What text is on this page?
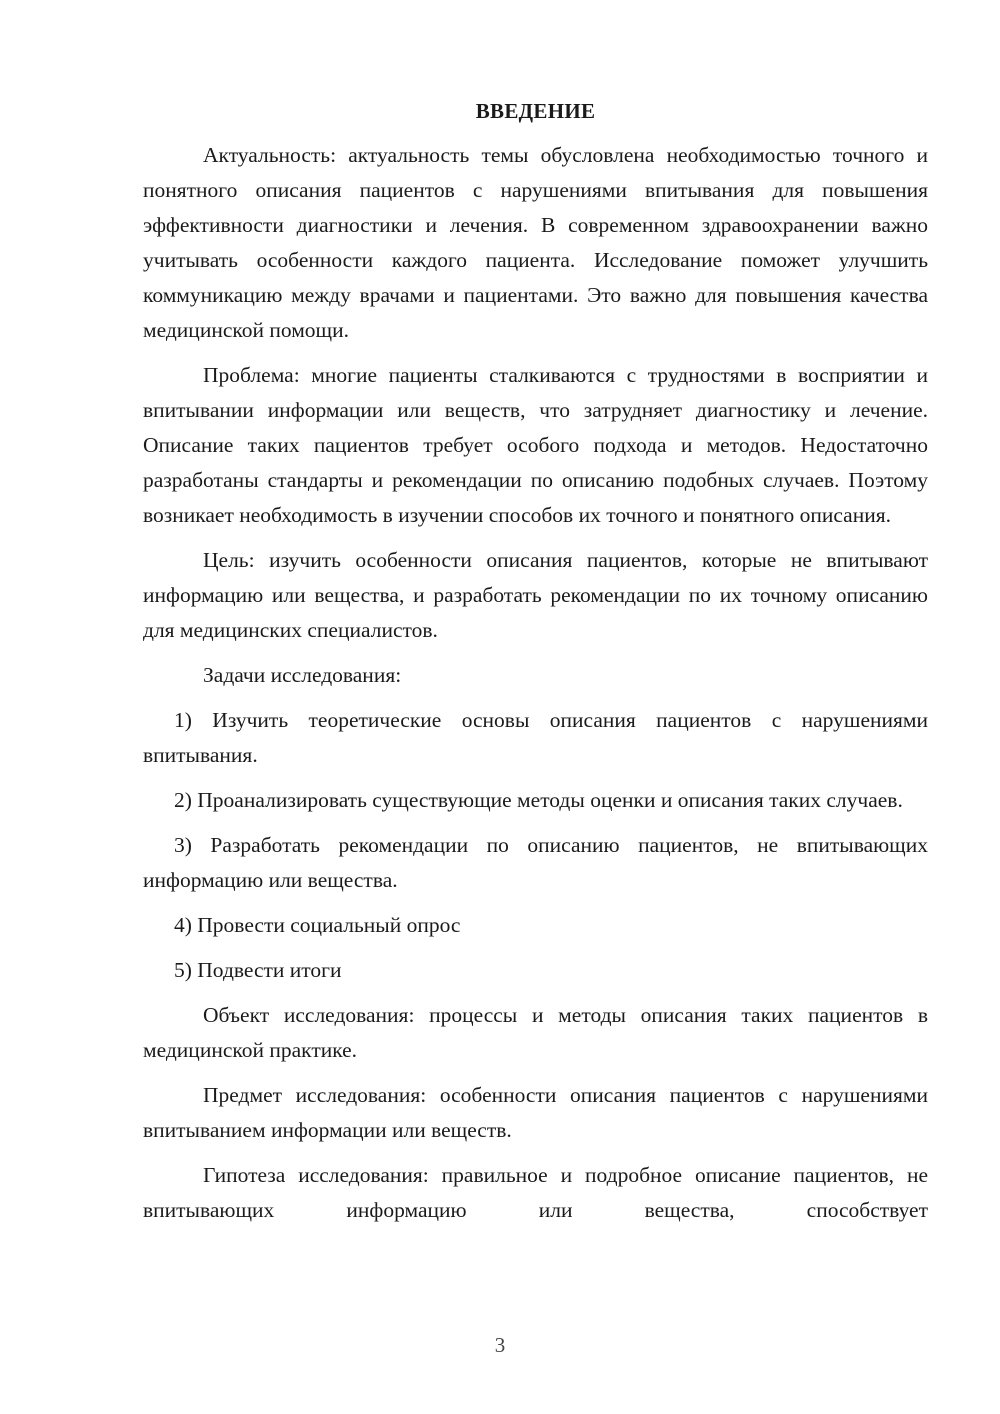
ВВЕДЕНИЕ

Актуальность: актуальность темы обусловлена необходимостью точного и понятного описания пациентов с нарушениями впитывания для повышения эффективности диагностики и лечения. В современном здравоохранении важно учитывать особенности каждого пациента. Исследование поможет улучшить коммуникацию между врачами и пациентами. Это важно для повышения качества медицинской помощи.

Проблема: многие пациенты сталкиваются с трудностями в восприятии и впитывании информации или веществ, что затрудняет диагностику и лечение. Описание таких пациентов требует особого подхода и методов. Недостаточно разработаны стандарты и рекомендации по описанию подобных случаев. Поэтому возникает необходимость в изучении способов их точного и понятного описания.

Цель: изучить особенности описания пациентов, которые не впитывают информацию или вещества, и разработать рекомендации по их точному описанию для медицинских специалистов.

Задачи исследования:

1) Изучить теоретические основы описания пациентов с нарушениями впитывания.

2) Проанализировать существующие методы оценки и описания таких случаев.

3) Разработать рекомендации по описанию пациентов, не впитывающих информацию или вещества.

4) Провести социальный опрос

5) Подвести итоги

Объект исследования: процессы и методы описания таких пациентов в медицинской практике.

Предмет исследования: особенности описания пациентов с нарушениями впитыванием информации или веществ.

Гипотеза исследования: правильное и подробное описание пациентов, не впитывающих информацию или вещества, способствует

3
